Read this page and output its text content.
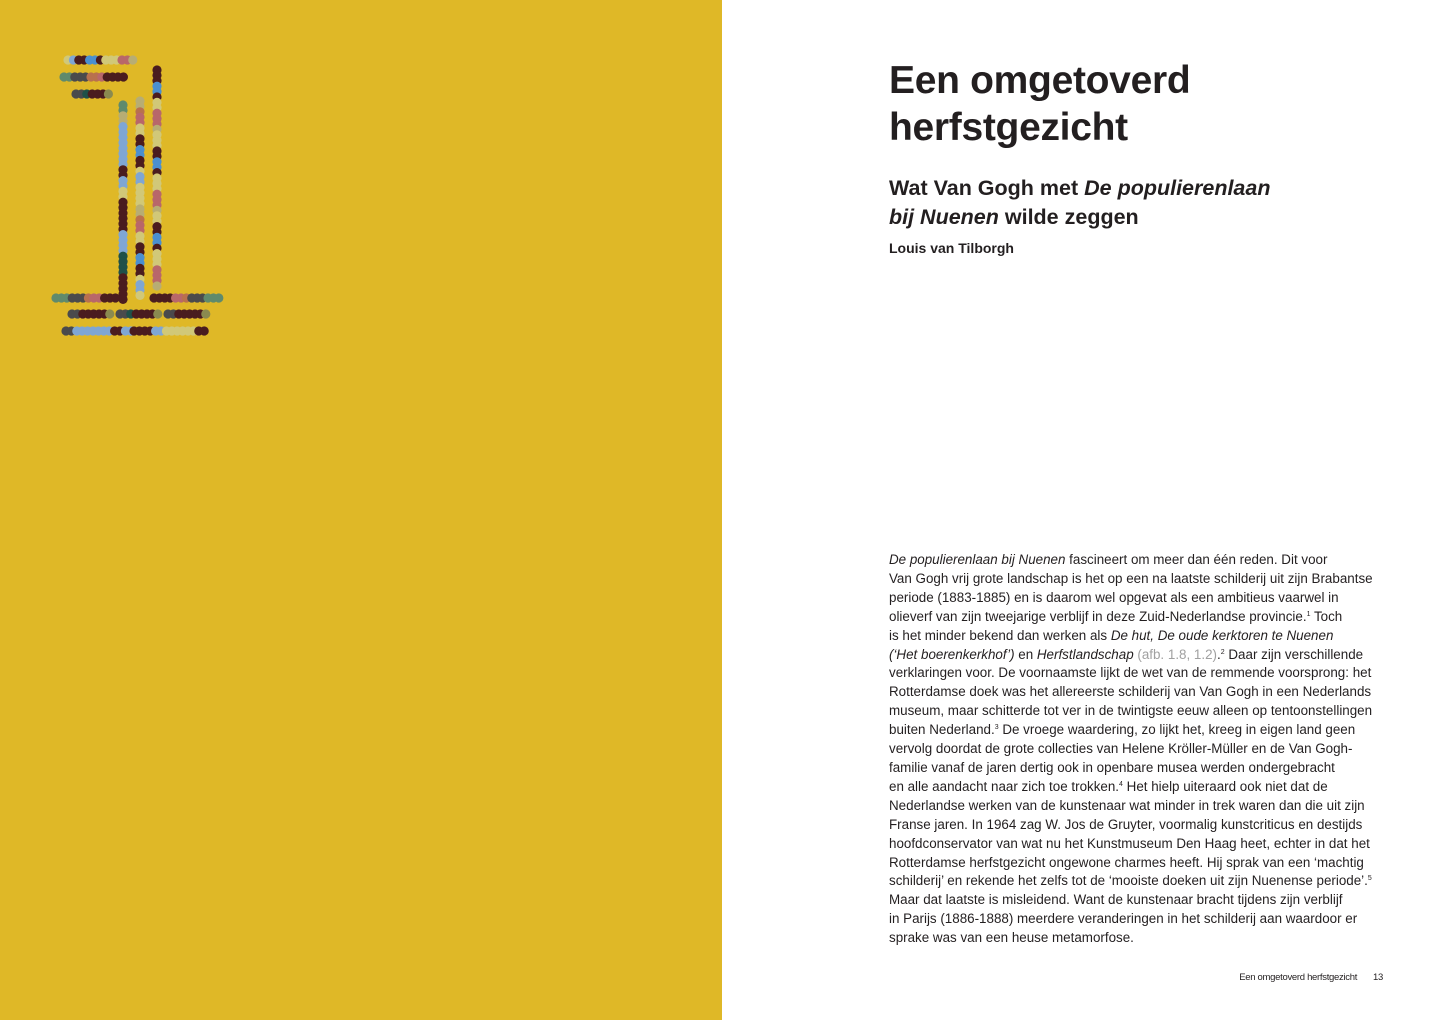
Een omgetoverd
herfstgezicht
Wat Van Gogh met De populierenlaan
bij Nuenen wilde zeggen
Louis van Tilborgh
De populierenlaan bij Nuenen fascineert om meer dan één reden. Dit voor
Van Gogh vrij grote landschap is het op een na laatste schilderij uit zijn Brabantse
periode (1883-1885) en is daarom wel opgevat als een ambitieus vaarwel in
olieverf van zijn tweejarige verblijf in deze Zuid-Nederlandse provincie.$^1$ Toch
is het minder bekend dan werken als De hut, De oude kerktoren te Nuenen
(‘Het boerenkerkhof’) en Herfstlandschap (afb. 1.8, 1.2).$^2$ Daar zijn verschillende
verklaringen voor. De voornaamste lijkt de wet van de remmende voorsprong: het
Rotterdamse doek was het allereerste schilderij van Van Gogh in een Nederlands
museum, maar schitterde tot ver in de twintigste eeuw alleen op tentoonstellingen
buiten Nederland.$^3$ De vroege waardering, zo lijkt het, kreeg in eigen land geen
vervolg doordat de grote collecties van Helene Kröller-Müller en de Van Gogh-
familie vanaf de jaren dertig ook in openbare musea werden ondergebracht
en alle aandacht naar zich toe trokken.$^4$ Het hielp uiteraard ook niet dat de
Nederlandse werken van de kunstenaar wat minder in trek waren dan die uit zijn
Franse jaren. In 1964 zag W. Jos de Gruyter, voormalig kunstcriticus en destijds
hoofdconservator van wat nu het Kunstmuseum Den Haag heet, echter in dat het
Rotterdamse herfstgezicht ongewone charmes heeft. Hij sprak van een ‘machtig
schilderij’ en rekende het zelfs tot de ‘mooiste doeken uit zijn Nuenense periode’.$^5$
Maar dat laatste is misleidend. Want de kunstenaar bracht tijdens zijn verblijf
in Parijs (1886-1888) meerdere veranderingen in het schilderij aan waardoor er
sprake was van een heuse metamorfose.
Een omgetoverd herfstgezicht 13
